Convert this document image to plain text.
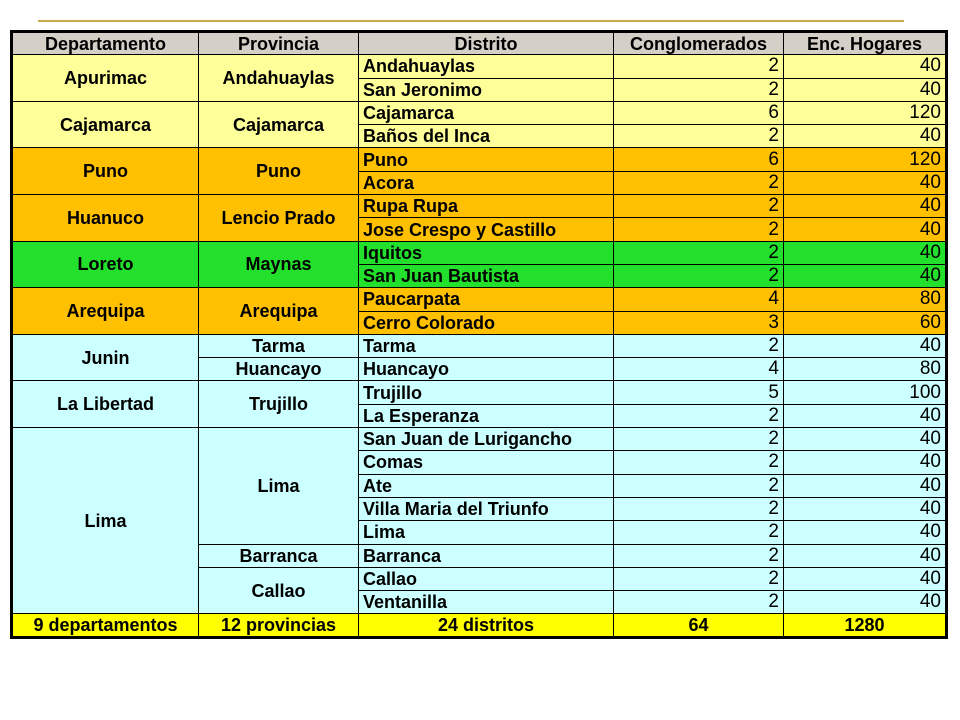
Departamento	Provincia	Distrito	Conglomerados	Enc. Hogares
Apurimac	Andahuaylas	Andahuaylas	2	40
		San Jeronimo	2	40
Cajamarca	Cajamarca	Cajamarca	6	120
		Baños del Inca	2	40
Puno	Puno	Puno	6	120
		Acora	2	40
Huanuco	Lencio Prado	Rupa Rupa	2	40
		Jose Crespo y Castillo	2	40
Loreto	Maynas	Iquitos	2	40
		San Juan Bautista	2	40
Arequipa	Arequipa	Paucarpata	4	80
		Cerro Colorado	3	60
Junin	Tarma	Tarma	2	40
	Huancayo	Huancayo	4	80
La Libertad	Trujillo	Trujillo	5	100
		La Esperanza	2	40
Lima	Lima	San Juan de Lurigancho	2	40
		Comas	2	40
		Ate	2	40
		Villa Maria del Triunfo	2	40
		Lima	2	40
	Barranca	Barranca	2	40
	Callao	Callao	2	40
		Ventanilla	2	40
9 departamentos	12 provincias	24 distritos	64	1280
